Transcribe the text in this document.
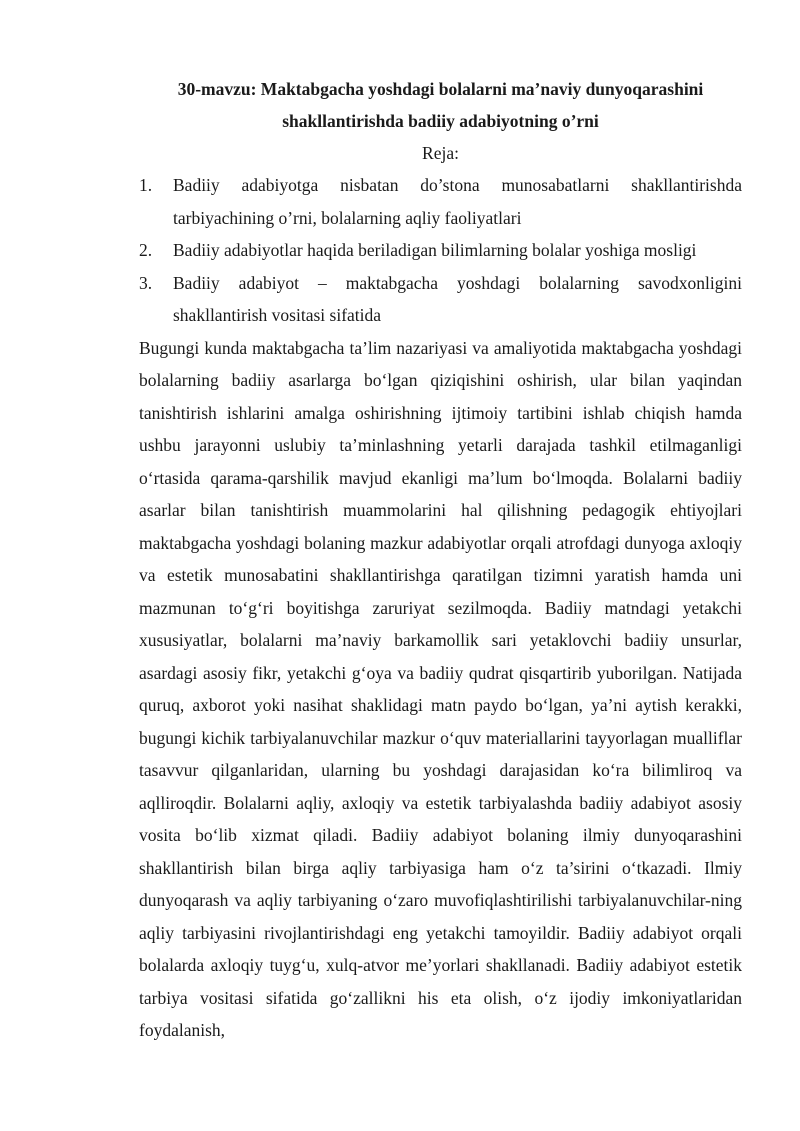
30-mavzu: Maktabgacha yoshdagi bolalarni ma’naviy dunyoqarashini
shakllantirishda badiiy adabiyotning o’rni

Reja:

1. Badiiy adabiyotga nisbatan do’stona munosabatlarni shakllantirishda tarbiyachining o’rni, bolalarning aqliy faoliyatlari
2. Badiiy adabiyotlar haqida beriladigan bilimlarning bolalar yoshiga mosligi
3. Badiiy adabiyot – maktabgacha yoshdagi bolalarning savodxonligini shakllantirish vositasi sifatida

Bugungi kunda maktabgacha ta’lim nazariyasi va amaliyotida maktabgacha yoshdagi bolalarning badiiy asarlarga bo‘lgan qiziqishini oshirish, ular bilan yaqindan tanishtirish ishlarini amalga oshirishning ijtimoiy tartibini ishlab chiqish hamda ushbu jarayonni uslubiy ta’minlashning yetarli darajada tashkil etilmaganligi o‘rtasida qarama-qarshilik mavjud ekanligi ma’lum bo‘lmoqda. Bolalarni badiiy asarlar bilan tanishtirish muammolarini hal qilishning pedagogik ehtiyojlari maktabgacha yoshdagi bolaning mazkur adabiyotlar orqali atrofdagi dunyoga axloqiy va estetik munosabatini shakllantirishga qaratilgan tizimni yaratish hamda uni mazmunan to‘g‘ri boyitishga zaruriyat sezilmoqda. Badiiy matndagi yetakchi xususiyatlar, bolalarni ma’naviy barkamollik sari yetaklovchi badiiy unsurlar, asardagi asosiy fikr, yetakchi g‘oya va badiiy qudrat qisqartirib yuborilgan. Natijada quruq, axborot yoki nasihat shaklidagi matn paydo bo‘lgan, ya’ni aytish kerakki, bugungi kichik tarbiyalanuvchilar mazkur o‘quv materiallarini tayyorlagan mualliflar tasavvur qilganlaridan, ularning bu yoshdagi darajasidan ko‘ra bilimliroq va aqlliroqdir. Bolalarni aqliy, axloqiy va estetik tarbiyalashda badiiy adabiyot asosiy vosita bo‘lib xizmat qiladi. Badiiy adabiyot bolaning ilmiy dunyoqarashini shakllantirish bilan birga aqliy tarbiyasiga ham o‘z ta’sirini o‘tkazadi. Ilmiy dunyoqarash va aqliy tarbiyaning o‘zaro muvofiqlashtirilishi tarbiyalanuvchilar-ning aqliy tarbiyasini rivojlantirishdagi eng yetakchi tamoyildir. Badiiy adabiyot orqali bolalarda axloqiy tuyg‘u, xulq-atvor me’yorlari shakllanadi. Badiiy adabiyot estetik tarbiya vositasi sifatida go‘zallikni his eta olish, o‘z ijodiy imkoniyatlaridan foydalanish,
